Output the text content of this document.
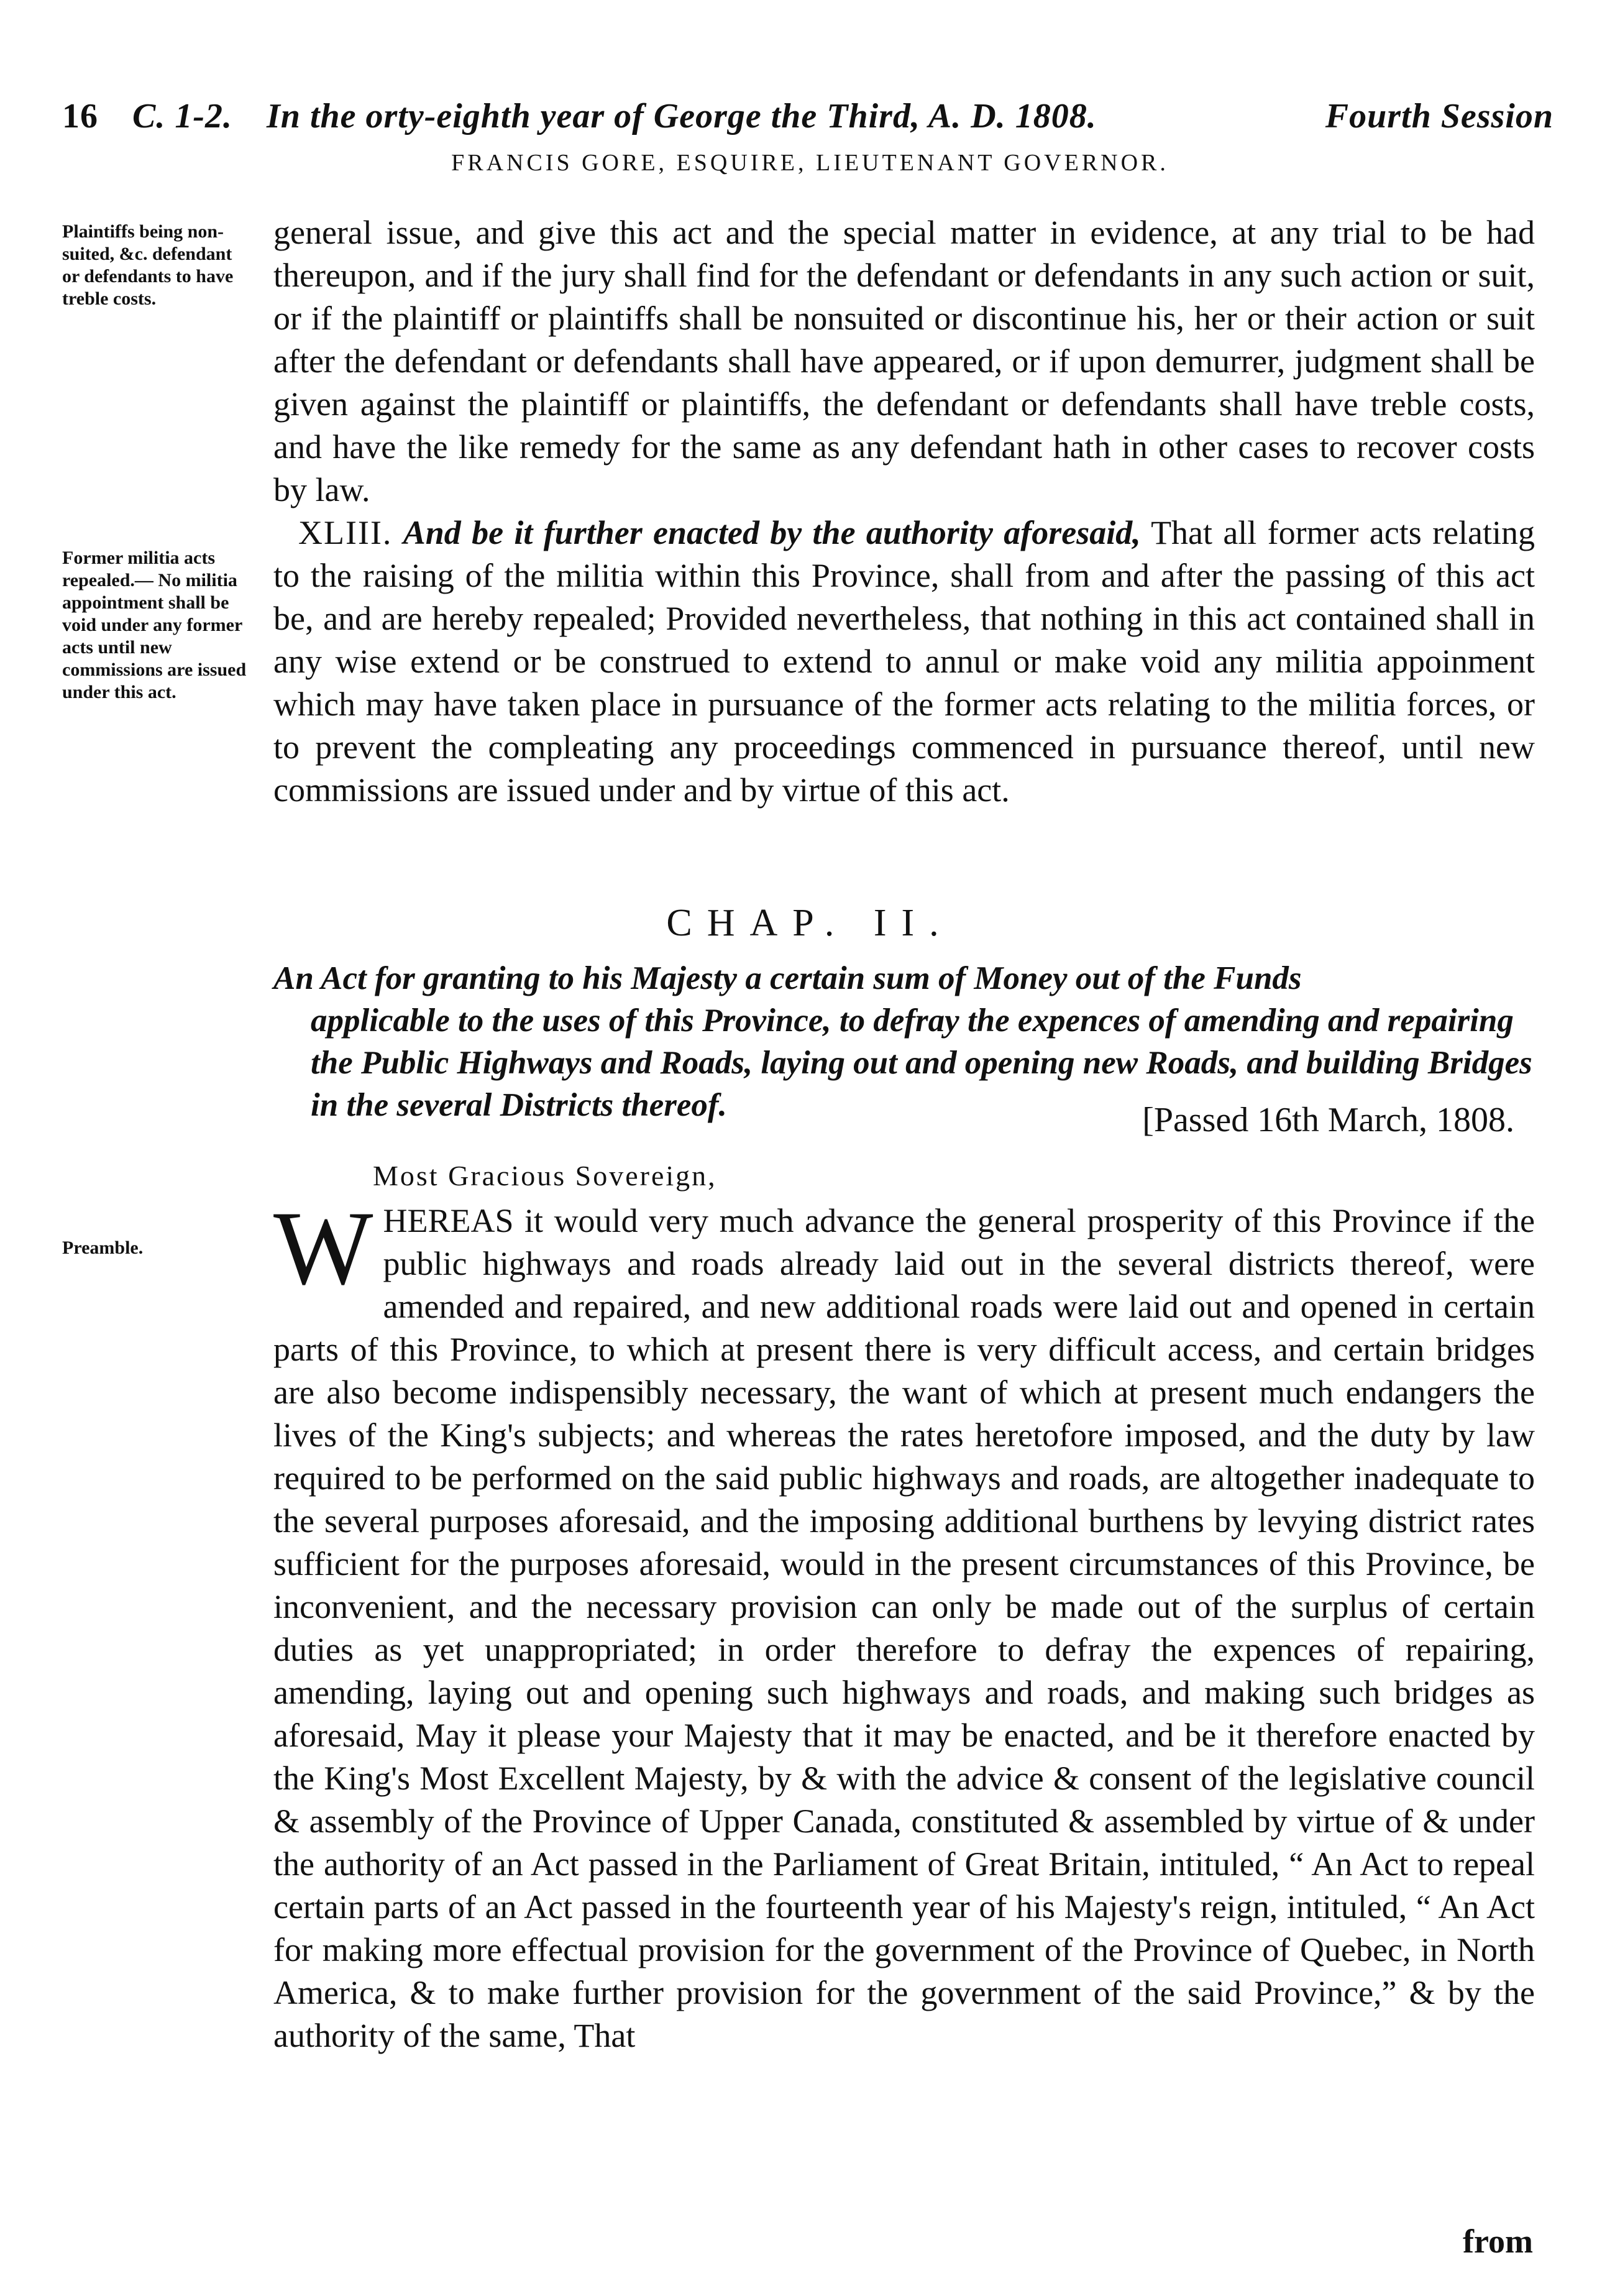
16 C. 1-2. In the orty-eighth year of George the Third, A. D. 1808.	Fourth Session
FRANCIS GORE, ESQUIRE, LIEUTENANT GOVERNOR.
Plaintiffs being non-suited, &c. defendant or defendants to have treble costs.
Former militia acts repealed.— No militia appointment shall be void under any former acts until new commissions are issued under this act.
Preamble.

general issue, and give this act and the special matter in evidence, at any trial to be had thereupon, and if the jury shall find for the defendant or defendants in any such action or suit, or if the plaintiff or plaintiffs shall be nonsuited or discontinue his, her or their action or suit after the defendant or defendants shall have appeared, or if upon demurrer, judgment shall be given against the plaintiff or plaintiffs, the defendant or defendants shall have treble costs, and have the like remedy for the same as any defendant hath in other cases to recover costs by law.

XLIII. And be it further enacted by the authority aforesaid, That all former acts relating to the raising of the militia within this Province, shall from and after the passing of this act be, and are hereby repealed; Provided nevertheless, that nothing in this act contained shall in any wise extend or be construed to extend to annul or make void any militia appoinment which may have taken place in pursuance of the former acts relating to the militia forces, or to prevent the compleating any proceedings commenced in pursuance thereof, until new commissions are issued under and by virtue of this act.

CHAP. II.
An Act for granting to his Majesty a certain sum of Money out of the Funds
applicable to the uses of this Province, to defray the expences of amending and repairing the Public Highways and Roads, laying out and opening new Roads, and building Bridges in the several Districts thereof.	[Passed 16th March, 1808.
Most Gracious Sovereign,
WHEREAS it would very much advance the general prosperity of this Province if the public highways and roads already laid out in the several districts thereof, were amended and repaired, and new additional roads were laid out and opened in certain parts of this Province, to which at present there is very difficult access, and certain bridges are also become indispensibly necessary, the want of which at present much endangers the lives of the King's subjects; and whereas the rates heretofore imposed, and the duty by law required to be performed on the said public highways and roads, are altogether inadequate to the several purposes aforesaid, and the imposing additional burthens by levying district rates sufficient for the purposes aforesaid, would in the present circumstances of this Province, be inconvenient, and the necessary provision can only be made out of the surplus of certain duties as yet unappropriated; in order therefore to defray the expences of repairing, amending, laying out and opening such highways and roads, and making such bridges as aforesaid, May it please your Majesty that it may be enacted, and be it therefore enacted by the King's Most Excellent Majesty, by & with the advice & consent of the legislative council & assembly of the Province of Upper Canada, constituted & assembled by virtue of & under the authority of an Act passed in the Parliament of Great Britain, intituled, “ An Act to repeal certain parts of an Act passed in the fourteenth year of his Majesty's reign, intituled, “ An Act for making more effectual provision for the government of the Province of Quebec, in North America, & to make further provision for the government of the said Province,” & by the authority of the same, That
from
